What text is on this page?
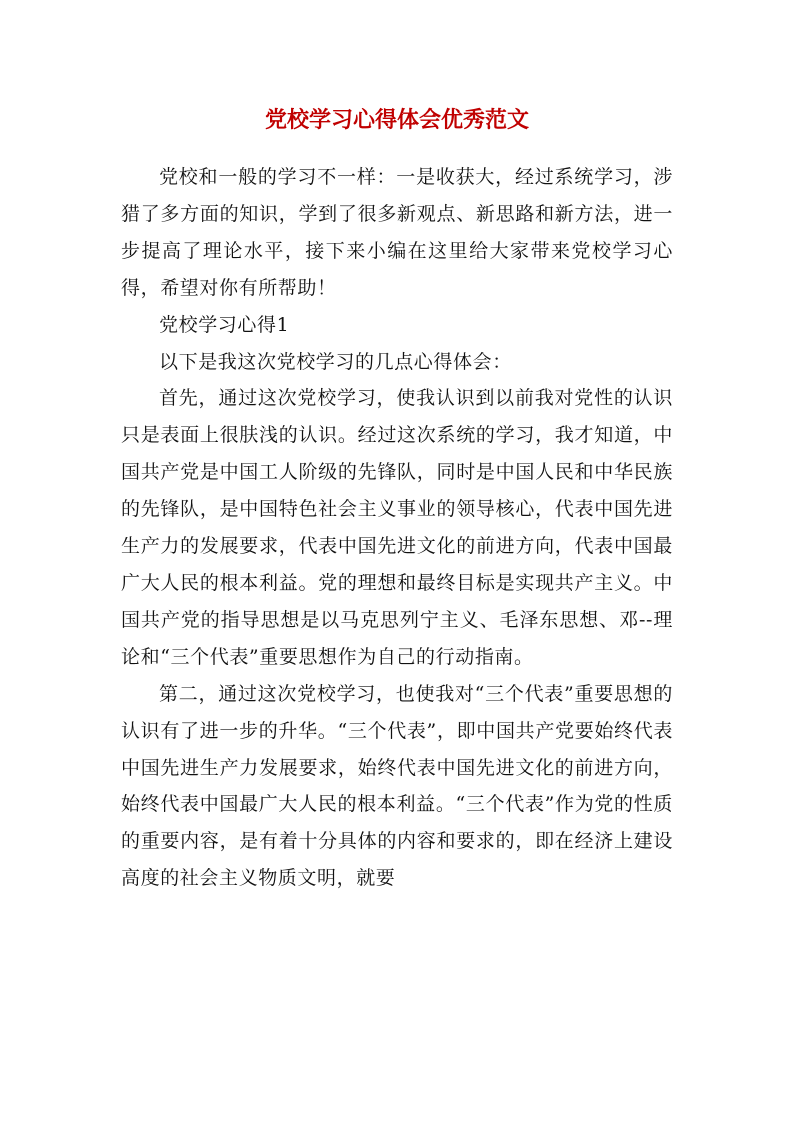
党校学习心得体会优秀范文

党校和一般的学习不一样：一是收获大，经过系统学习，涉猎了多方面的知识，学到了很多新观点、新思路和新方法，进一步提高了理论水平，接下来小编在这里给大家带来党校学习心得，希望对你有所帮助！

党校学习心得1

以下是我这次党校学习的几点心得体会：

首先，通过这次党校学习，使我认识到以前我对党性的认识只是表面上很肤浅的认识。经过这次系统的学习，我才知道，中国共产党是中国工人阶级的先锋队，同时是中国人民和中华民族的先锋队，是中国特色社会主义事业的领导核心，代表中国先进生产力的发展要求，代表中国先进文化的前进方向，代表中国最广大人民的根本利益。党的理想和最终目标是实现共产主义。中国共产党的指导思想是以马克思列宁主义、毛泽东思想、邓--理论和“三个代表”重要思想作为自己的行动指南。

第二，通过这次党校学习，也使我对“三个代表”重要思想的认识有了进一步的升华。“三个代表”，即中国共产党要始终代表中国先进生产力发展要求，始终代表中国先进文化的前进方向，始终代表中国最广大人民的根本利益。“三个代表”作为党的性质的重要内容，是有着十分具体的内容和要求的，即在经济上建设高度的社会主义物质文明，就要
